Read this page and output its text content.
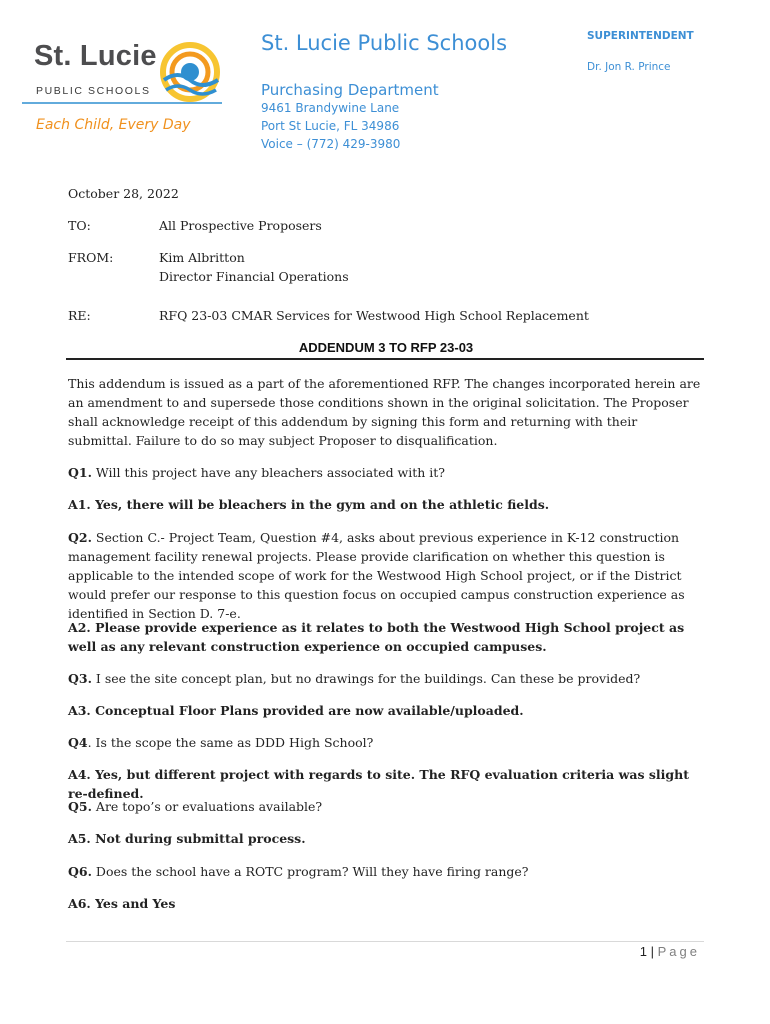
St. Lucie
PUBLIC SCHOOLS
Each Child, Every Day
St. Lucie Public Schools
Purchasing Department
9461 Brandywine Lane
Port St Lucie, FL 34986
Voice – (772) 429-3980
SUPERINTENDENT
Dr. Jon R. Prince
October 28, 2022
TO:	All Prospective Proposers
FROM:	Kim Albritton
Director Financial Operations
RE:	RFQ 23-03 CMAR Services for Westwood High School Replacement
ADDENDUM 3 TO RFP 23-03

This addendum is issued as a part of the aforementioned RFP. The changes incorporated herein are an amendment to and supersede those conditions shown in the original solicitation. The Proposer shall acknowledge receipt of this addendum by signing this form and returning with their submittal. Failure to do so may subject Proposer to disqualification.

Q1. Will this project have any bleachers associated with it?

A1. Yes, there will be bleachers in the gym and on the athletic fields.

Q2. Section C.- Project Team, Question #4, asks about previous experience in K-12 construction management facility renewal projects. Please provide clarification on whether this question is applicable to the intended scope of work for the Westwood High School project, or if the District would prefer our response to this question focus on occupied campus construction experience as identified in Section D. 7-e.

A2. Please provide experience as it relates to both the Westwood High School project as well as any relevant construction experience on occupied campuses.

Q3. I see the site concept plan, but no drawings for the buildings. Can these be provided?

A3. Conceptual Floor Plans provided are now available/uploaded.

Q4. Is the scope the same as DDD High School?

A4. Yes, but different project with regards to site. The RFQ evaluation criteria was slight re-defined.

Q5. Are topo’s or evaluations available?

A5. Not during submittal process.

Q6. Does the school have a ROTC program? Will they have firing range?

A6. Yes and Yes

1 | Page
